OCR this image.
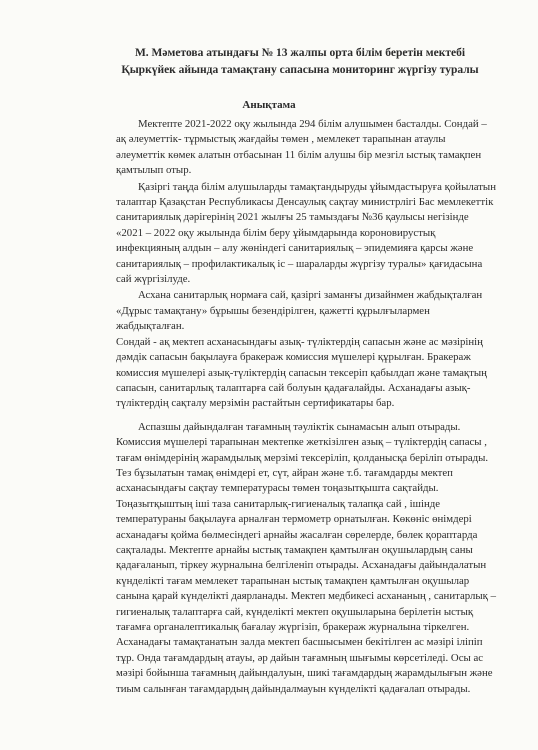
М. Мәметова атындағы № 13 жалпы орта білім беретін мектебі
Қыркүйек айында тамақтану сапасына мониторинг жүргізу туралы
Анықтама

Мектепте 2021-2022 оқу жылында 294 білім алушымен басталды. Сондай –ақ әлеуметтік- тұрмыстық жағдайы төмен , мемлекет тарапынан атаулы әлеуметтік көмек алатын отбасынан 11 білім алушы бір мезгіл ыстық тамақпен қамтылып отыр.

Қазіргі таңда білім алушыларды тамақтандыруды ұйымдастыруға қойылатын талаптар Қазақстан Республикасы Денсаулық сақтау министрлігі Бас мемлекеттік санитариялық дәрігерінің 2021 жылғы 25 тамыздағы №36 қаулысы негізінде «2021 – 2022 оқу жылында білім беру ұйымдарында короновирустық инфекцияның алдын – алу жөніндегі санитариялық – эпидемияға қарсы және санитариялық – профилактикалық іс – шараларды жүргізу туралы» қағидасына сай жүргізілуде.

Асхана санитарлық нормаға сай, қазіргі заманғы дизайнмен жабдықталған «Дұрыс тамақтану» бұрышы безендірілген, қажетті құрылғылармен жабдықталған.

Сондай - ақ мектеп асханасындағы азық- түліктердің сапасын және ас мәзірінің дәмдік сапасын бақылауға бракераж комиссия мүшелері құрылған. Бракераж комиссия мүшелері азық-түліктердің сапасын тексеріп қабылдап және тамақтың сапасын, санитарлық талаптарға сай болуын қадағалайды. Асханадағы азық-түліктердің сақталу мерзімін растайтын сертификатары бар.

Аспазшы дайындалған тағамның тәуліктік сынамасын алып отырады. Комиссия мүшелері тарапынан мектепке жеткізілген азық – түліктердің сапасы , тағам өнімдерінің жарамдылық мерзімі тексеріліп, қолданысқа беріліп отырады. Тез бұзылатын тамақ өнімдері ет, сүт, айран және т.б. тағамдарды мектеп асханасындағы сақтау температурасы төмен тоңазытқышта сақтайды. Тоңазытқыштың іші таза санитарлық-гигиеналық талапқа сай , ішінде температураны бақылауға арналған термометр орнатылған. Көкөніс өнімдері асханадағы қойма бөлмесіндегі арнайы жасалған сөрелерде, бөлек қораптарда сақталады. Мектепте арнайы ыстық тамақпен қамтылған оқушылардың саны қадағаланып, тіркеу журналына белгіленіп отырады. Асханадағы дайындалатын күнделікті тағам мемлекет тарапынан ыстық тамақпен қамтылған оқушылар санына қарай күнделікті даярланады. Мектеп медбикесі асхананың , санитарлық –гигиеналық талаптарға сай, күнделікті мектеп оқушыларына берілетін ыстық тағамға органалептикалық бағалау жүргізіп, бракераж журналына тіркелген.

Асханадағы тамақтанатын залда мектеп басшысымен бекітілген ас мәзірі іліпіп тұр. Онда тағамдардың атауы, әр дайын тағамның шығымы көрсетіледі. Осы ас мәзірі бойынша тағамның дайындалуын, шикі тағамдардың жарамдылығын және тиым салынған тағамдардың дайындалмауын күнделікті қадағалап отырады.
